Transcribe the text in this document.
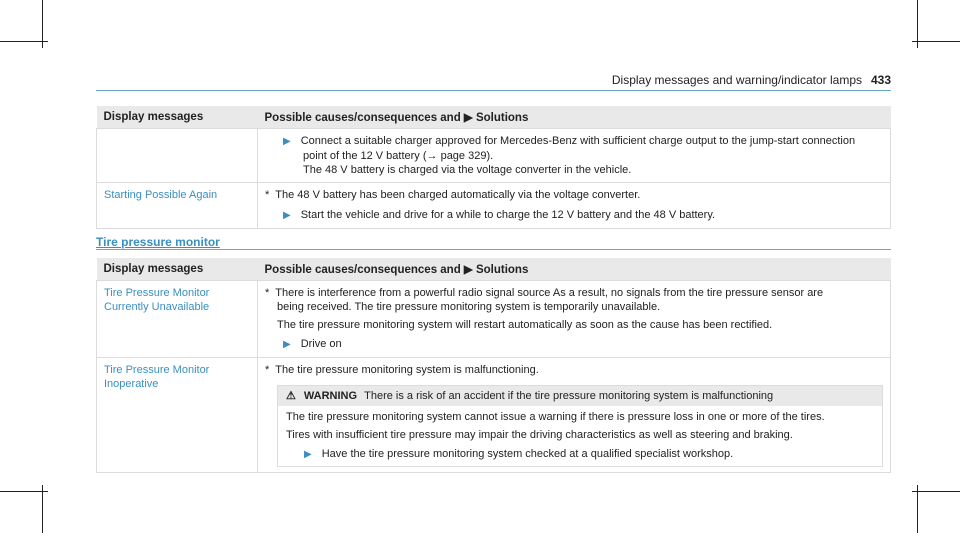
Display messages and warning/indicator lamps 433
Display messages	Possible causes/consequences and ▶ Solutions

	▶ Connect a suitable charger approved for Mercedes-Benz with sufficient charge output to the jump-start connection
point of the 12 V battery (→ page 329).
The 48 V battery is charged via the voltage converter in the vehicle.

Starting Possible Again	* The 48 V battery has been charged automatically via the voltage converter.
▶ Start the vehicle and drive for a while to charge the 12 V battery and the 48 V battery.
Tire pressure monitor
Display messages	Possible causes/consequences and ▶ Solutions
Tire Pressure Monitor Currently Unavailable	* There is interference from a powerful radio signal source As a result, no signals from the tire pressure sensor are
being received. The tire pressure monitoring system is temporarily unavailable.
The tire pressure monitoring system will restart automatically as soon as the cause has been rectified.
▶ Drive on

Tire Pressure Monitor Inoperative	* The tire pressure monitoring system is malfunctioning.
⚠ WARNING There is a risk of an accident if the tire pressure monitoring system is malfunctioning
The tire pressure monitoring system cannot issue a warning if there is pressure loss in one or more of the tires.
Tires with insufficient tire pressure may impair the driving characteristics as well as steering and braking.
▶ Have the tire pressure monitoring system checked at a qualified specialist workshop.
